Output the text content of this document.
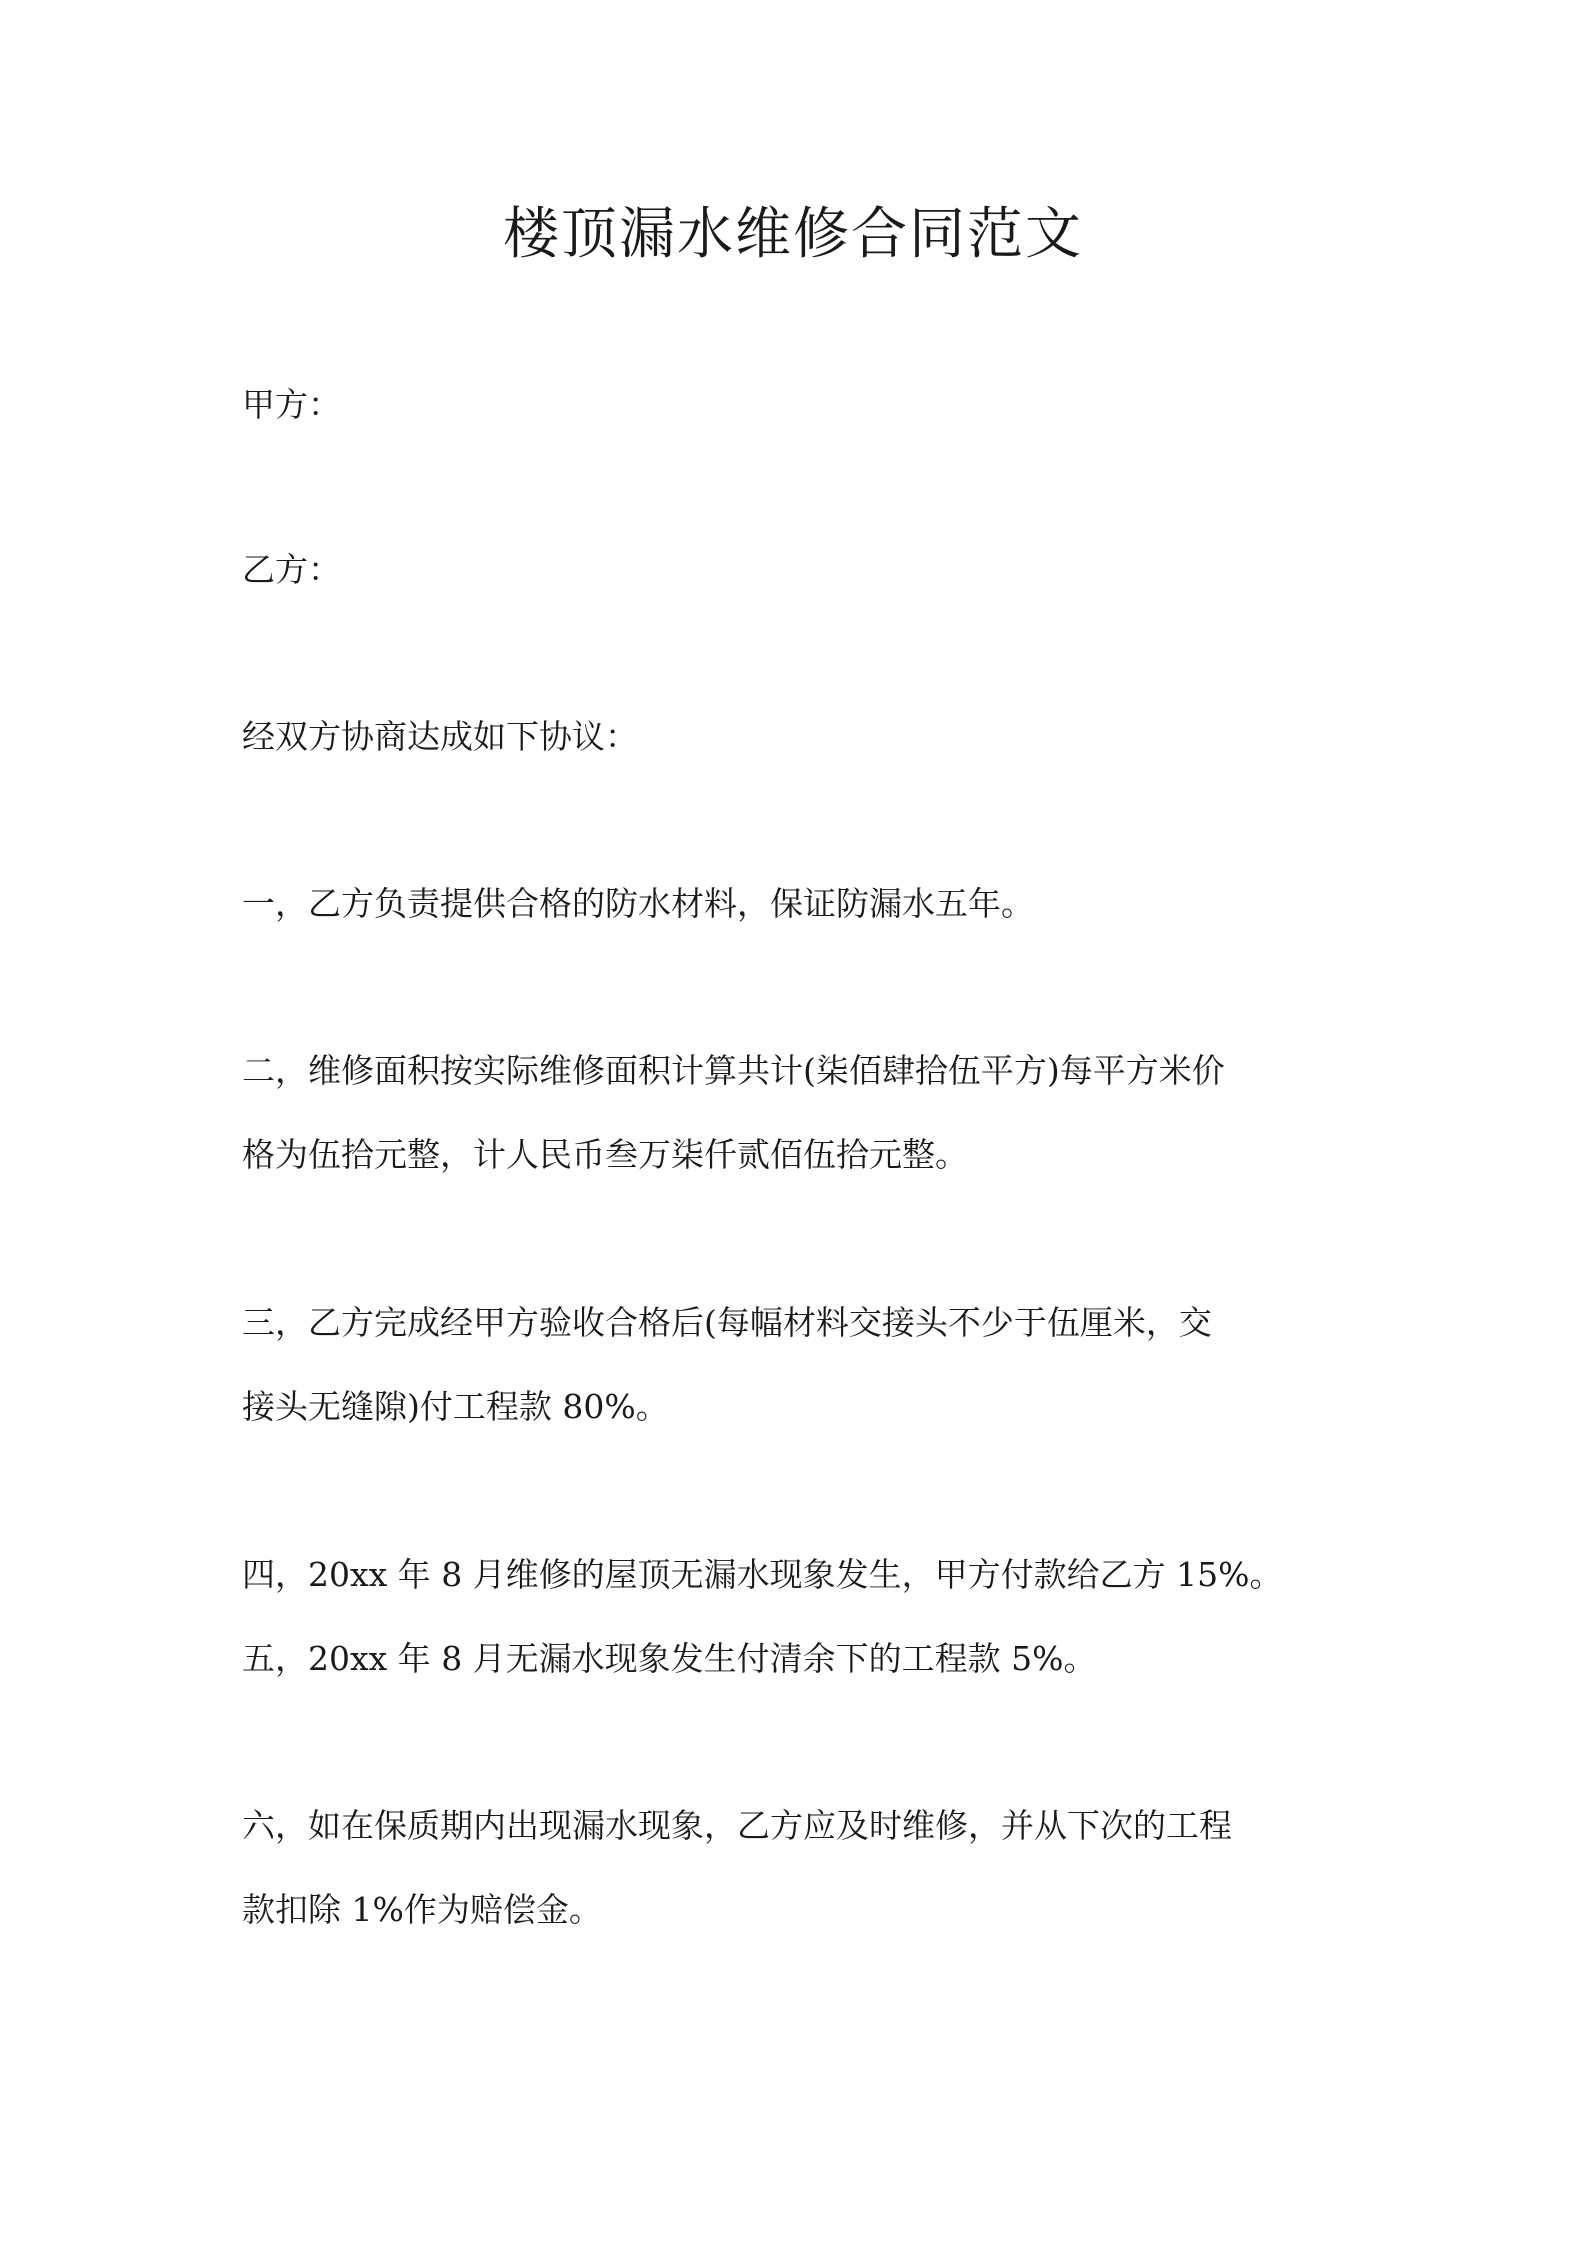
楼顶漏水维修合同范文

甲方：

乙方：

经双方协商达成如下协议：

一，乙方负责提供合格的防水材料，保证防漏水五年。

二，维修面积按实际维修面积计算共计(柒佰肆拾伍平方)每平方米价

格为伍拾元整，计人民币叁万柒仟贰佰伍拾元整。

三，乙方完成经甲方验收合格后(每幅材料交接头不少于伍厘米，交

接头无缝隙)付工程款 80%。

四，20xx 年 8 月维修的屋顶无漏水现象发生，甲方付款给乙方 15%。

五，20xx 年 8 月无漏水现象发生付清余下的工程款 5%。

六，如在保质期内出现漏水现象，乙方应及时维修，并从下次的工程

款扣除 1%作为赔偿金。
